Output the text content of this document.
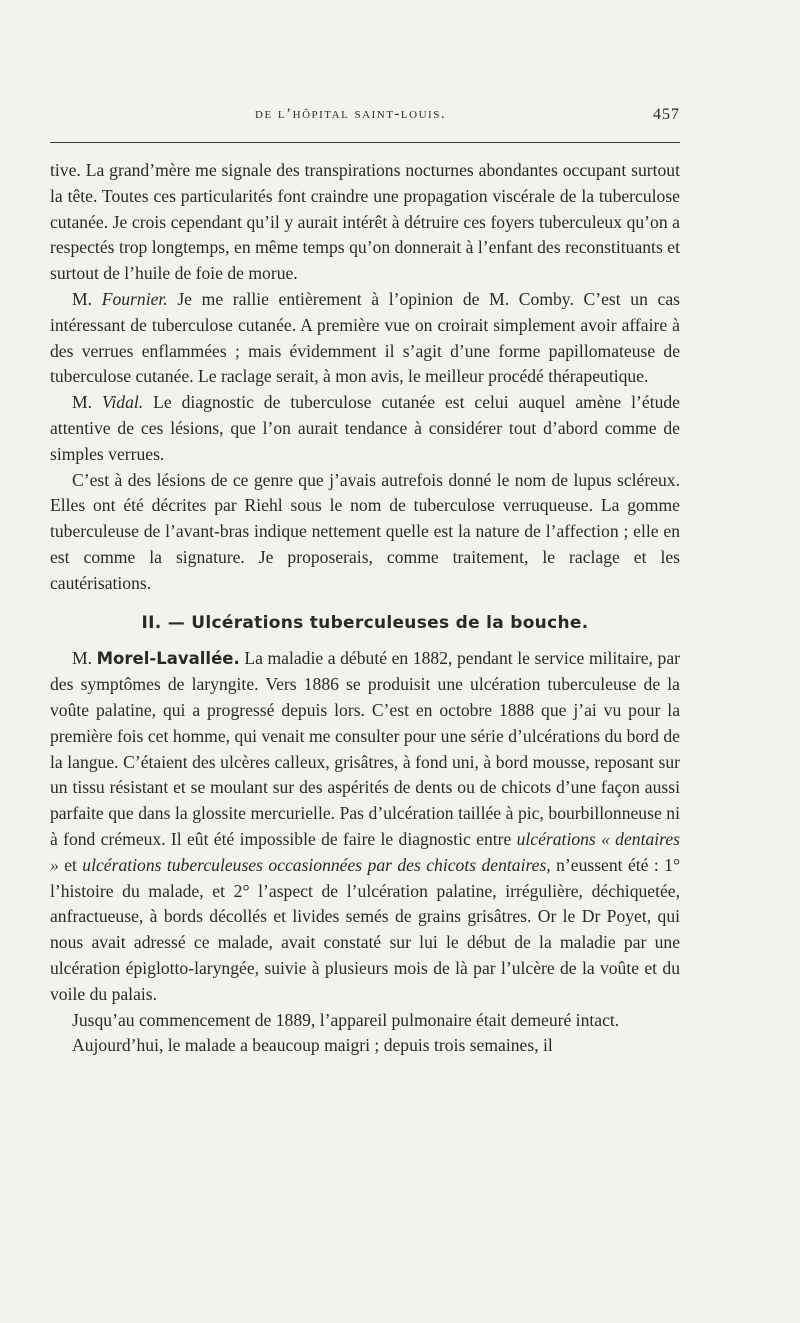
de l’hôpital saint-louis.	457

tive. La grand’mère me signale des transpirations nocturnes abondantes occupant surtout la tête. Toutes ces particularités font craindre une propagation viscérale de la tuberculose cutanée. Je crois cependant qu’il y aurait intérêt à détruire ces foyers tuberculeux qu’on a respectés trop longtemps, en même temps qu’on donnerait à l’enfant des reconstituants et surtout de l’huile de foie de morue.

M. Fournier. Je me rallie entièrement à l’opinion de M. Comby. C’est un cas intéressant de tuberculose cutanée. A première vue on croirait simplement avoir affaire à des verrues enflammées ; mais évidemment il s’agit d’une forme papillomateuse de tuberculose cutanée. Le raclage serait, à mon avis, le meilleur procédé thérapeutique.

M. Vidal. Le diagnostic de tuberculose cutanée est celui auquel amène l’étude attentive de ces lésions, que l’on aurait tendance à considérer tout d’abord comme de simples verrues.

C’est à des lésions de ce genre que j’avais autrefois donné le nom de lupus scléreux. Elles ont été décrites par Riehl sous le nom de tuberculose verruqueuse. La gomme tuberculeuse de l’avant-bras indique nettement quelle est la nature de l’affection ; elle en est comme la signature. Je proposerais, comme traitement, le raclage et les cautérisations.

II. — Ulcérations tuberculeuses de la bouche.

M. Morel-Lavallée. La maladie a débuté en 1882, pendant le service militaire, par des symptômes de laryngite. Vers 1886 se produisit une ulcération tuberculeuse de la voûte palatine, qui a progressé depuis lors. C’est en octobre 1888 que j’ai vu pour la première fois cet homme, qui venait me consulter pour une série d’ulcérations du bord de la langue. C’étaient des ulcères calleux, grisâtres, à fond uni, à bord mousse, reposant sur un tissu résistant et se moulant sur des aspérités de dents ou de chicots d’une façon aussi parfaite que dans la glossite mercurielle. Pas d’ulcération taillée à pic, bourbillonneuse ni à fond crémeux. Il eût été impossible de faire le diagnostic entre ulcérations « dentaires » et ulcérations tuberculeuses occasionnées par des chicots dentaires, n’eussent été : 1° l’histoire du malade, et 2° l’aspect de l’ulcération palatine, irrégulière, déchiquetée, anfractueuse, à bords décollés et livides semés de grains grisâtres. Or le Dr Poyet, qui nous avait adressé ce malade, avait constaté sur lui le début de la maladie par une ulcération épiglotto-laryngée, suivie à plusieurs mois de là par l’ulcère de la voûte et du voile du palais.

Jusqu’au commencement de 1889, l’appareil pulmonaire était demeuré intact.

Aujourd’hui, le malade a beaucoup maigri ; depuis trois semaines, il
